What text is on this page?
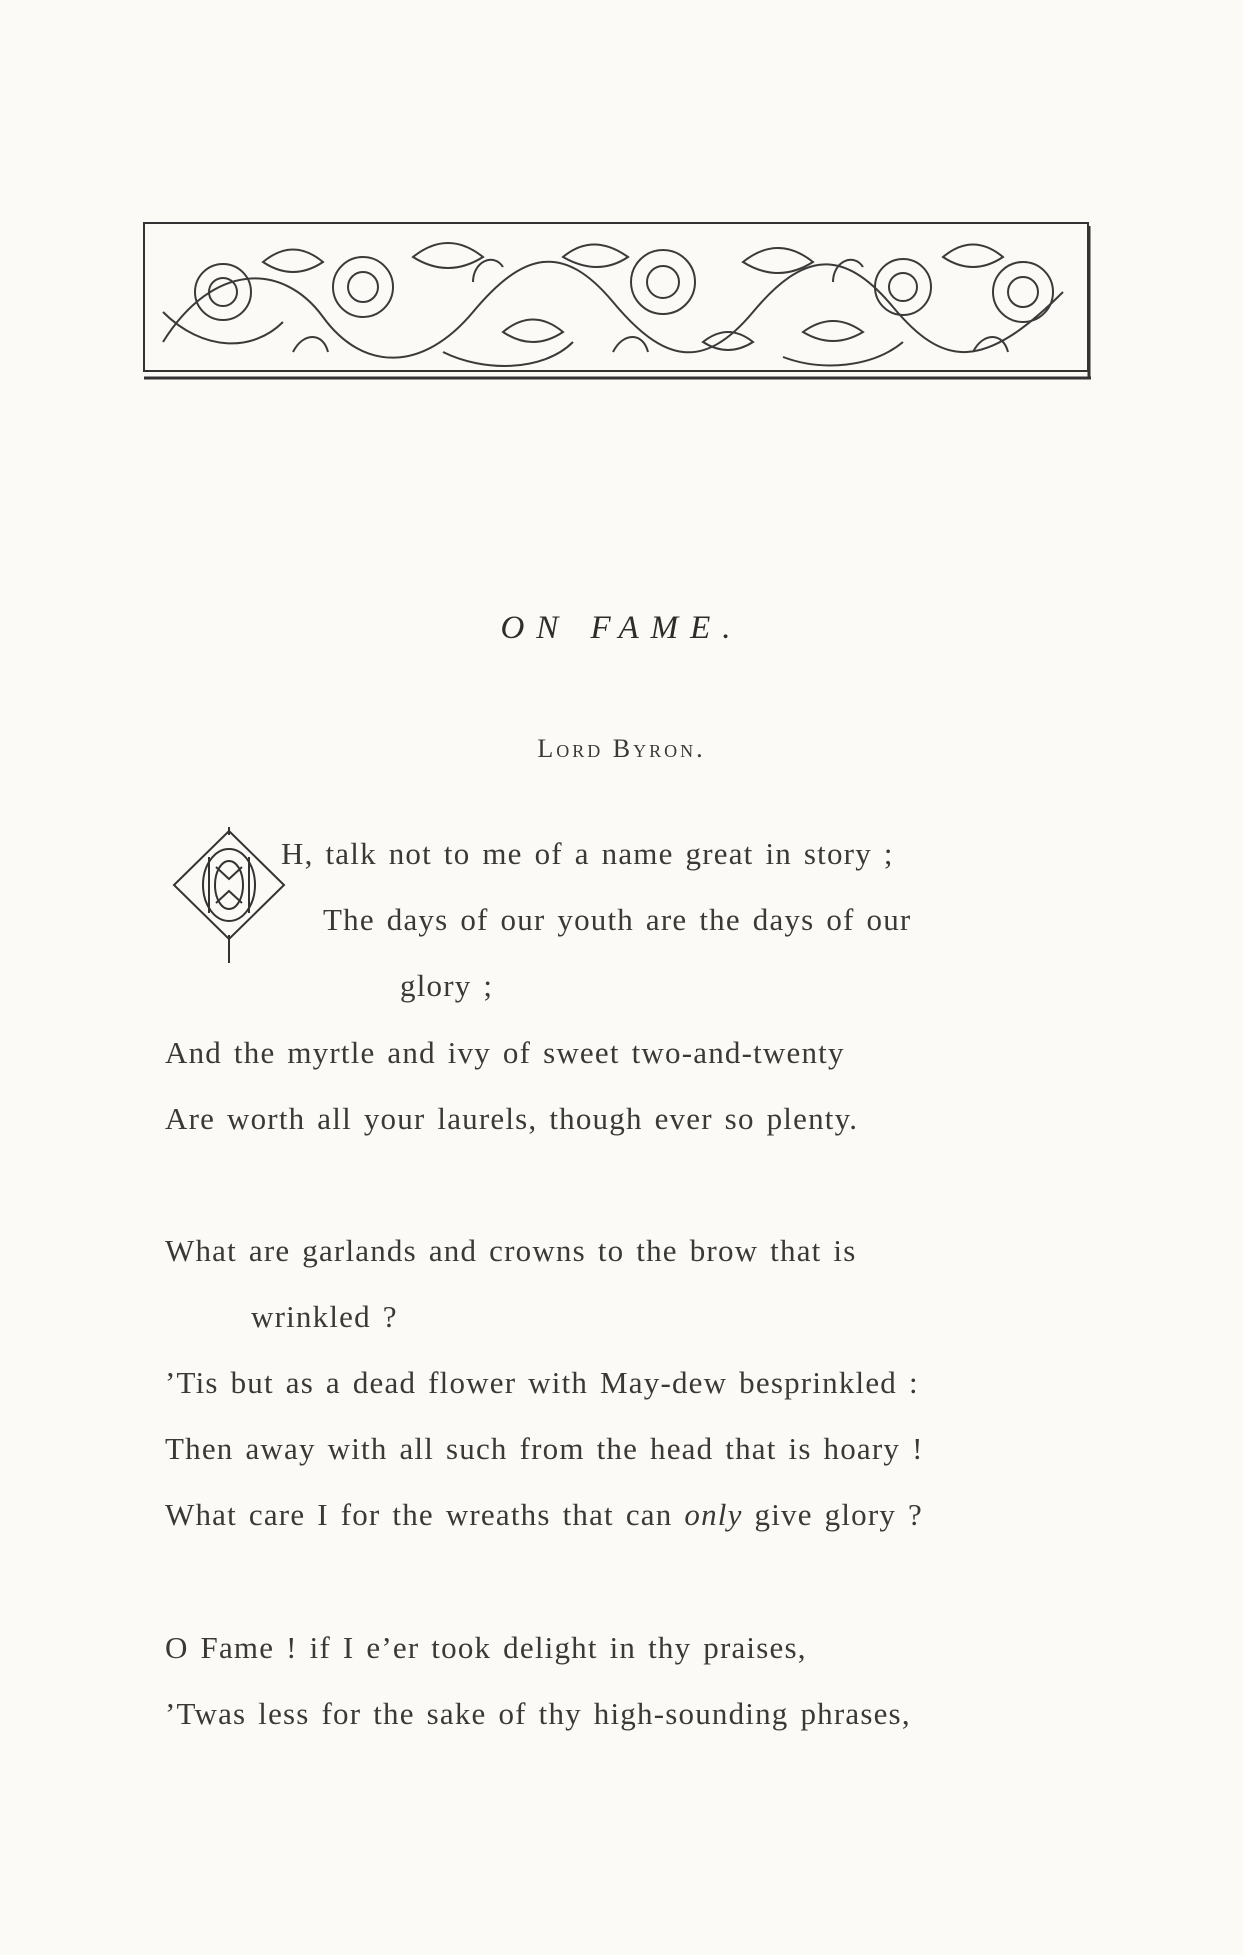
ON FAME.
Lord Byron.
H, talk not to me of a name great in story ;
The days of our youth are the days of our
glory ;
And the myrtle and ivy of sweet two-and-twenty
Are worth all your laurels, though ever so plenty.
What are garlands and crowns to the brow that is
wrinkled ?
’Tis but as a dead flower with May-dew besprinkled :
Then away with all such from the head that is hoary !
What care I for the wreaths that can only give glory ?
O Fame ! if I e’er took delight in thy praises,
’Twas less for the sake of thy high-sounding phrases,
